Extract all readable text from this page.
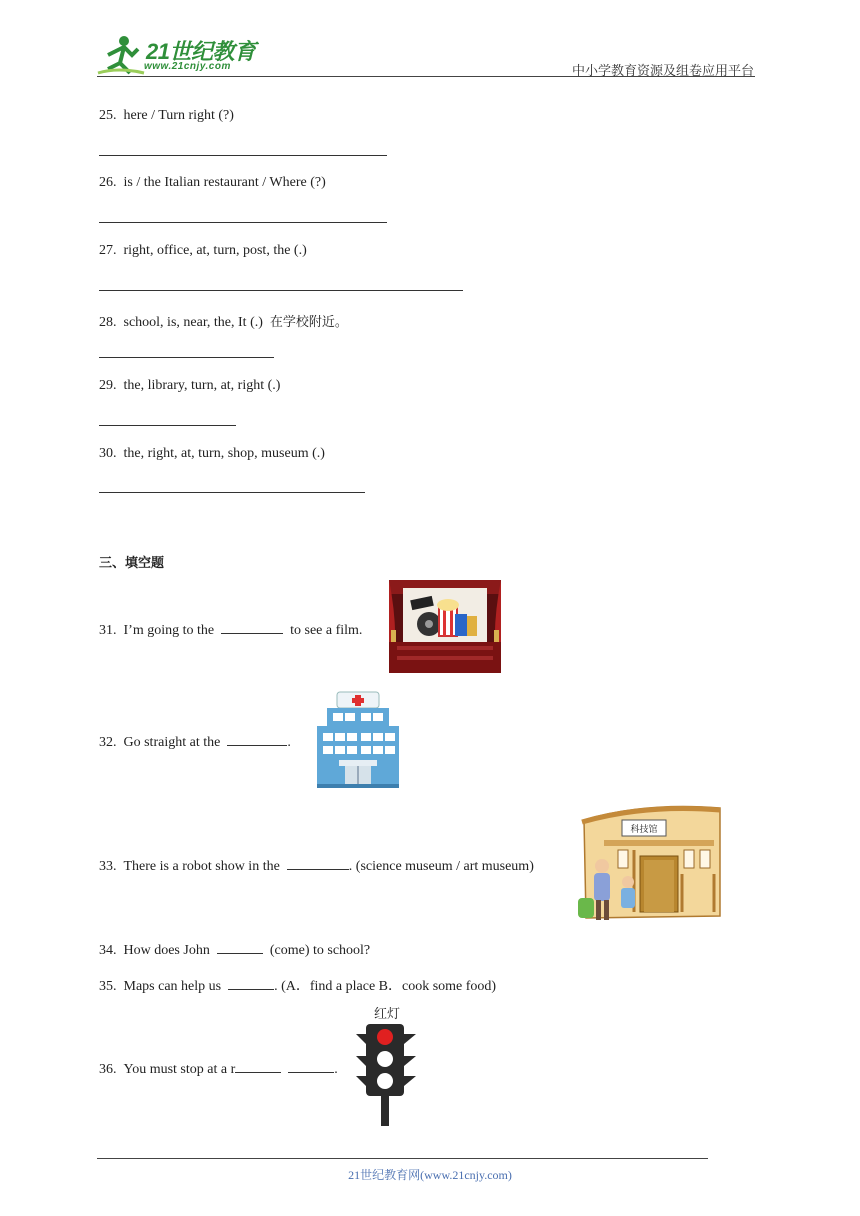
21世纪教育
www.21cnjy.com	中小学教育资源及组卷应用平台
25. here / Turn right (?)
26. is / the Italian restaurant / Where (?)
27. right, office, at, turn, post, the (.)
28. school, is, near, the, It (.) 在学校附近。
29. the, library, turn, at, right (.)
30. the, right, at, turn, shop, museum (.)
三、填空题
31. I’m going to the	to see a film.
32. Go straight at the	.
33. There is a robot show in the	. (science museum / art museum)
科技馆
34. How does John	(come) to school?
35. Maps can help us	. (A．find a place B．cook some food)
36. You must stop at a r	.
红灯
21世纪教育网(www.21cnjy.com)
